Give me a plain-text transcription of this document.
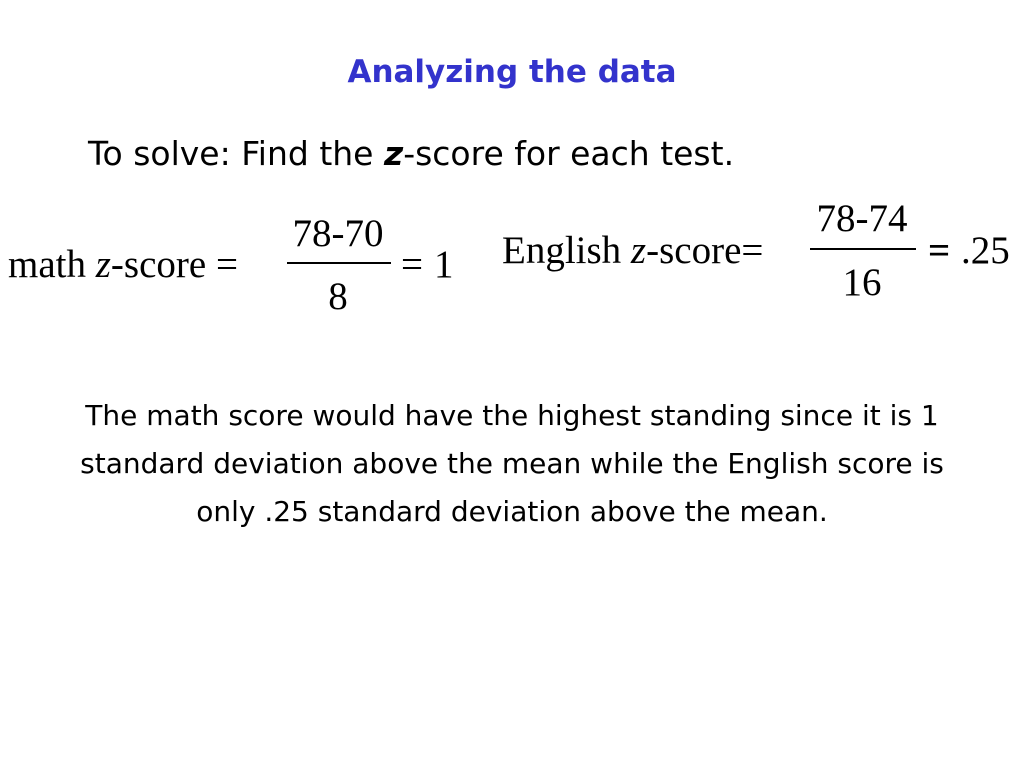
Analyzing the data
To solve: Find the z-score for each test.
math z-score =
78-70
8
= 1 English z-score=
78-74
16
= .25
The math score would have the highest standing since it is 1 standard deviation above the mean while the English score is only .25 standard deviation above the mean.
